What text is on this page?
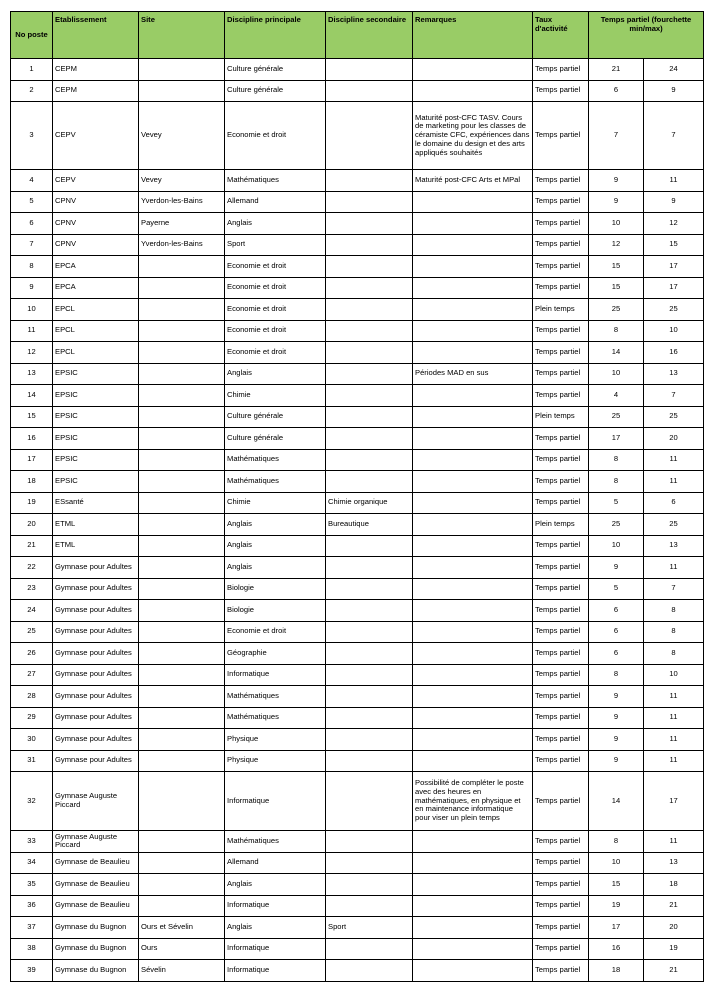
No poste	Etablissement	Site	Discipline principale	Discipline secondaire	Remarques	Taux d'activité	Temps partiel (fourchette min/max)	
1	CEPM		Culture générale			Temps partiel	21	24
2	CEPM		Culture générale			Temps partiel	6	9
3	CEPV	Vevey	Economie et droit		Maturité post-CFC TASV. Cours de marketing pour les classes de céramiste CFC, expériences dans le domaine du design et des arts appliqués souhaités	Temps partiel	7	7
4	CEPV	Vevey	Mathématiques		Maturité post-CFC Arts et MPal	Temps partiel	9	11
5	CPNV	Yverdon-les-Bains	Allemand			Temps partiel	9	9
6	CPNV	Payerne	Anglais			Temps partiel	10	12
7	CPNV	Yverdon-les-Bains	Sport			Temps partiel	12	15
8	EPCA		Economie et droit			Temps partiel	15	17
9	EPCA		Economie et droit			Temps partiel	15	17
10	EPCL		Economie et droit			Plein temps	25	25
11	EPCL		Economie et droit			Temps partiel	8	10
12	EPCL		Economie et droit			Temps partiel	14	16
13	EPSIC		Anglais		Périodes MAD en sus	Temps partiel	10	13
14	EPSIC		Chimie			Temps partiel	4	7
15	EPSIC		Culture générale			Plein temps	25	25
16	EPSIC		Culture générale			Temps partiel	17	20
17	EPSIC		Mathématiques			Temps partiel	8	11
18	EPSIC		Mathématiques			Temps partiel	8	11
19	ESsanté		Chimie	Chimie organique		Temps partiel	5	6
20	ETML		Anglais	Bureautique		Plein temps	25	25
21	ETML		Anglais			Temps partiel	10	13
22	Gymnase pour Adultes		Anglais			Temps partiel	9	11
23	Gymnase pour Adultes		Biologie			Temps partiel	5	7
24	Gymnase pour Adultes		Biologie			Temps partiel	6	8
25	Gymnase pour Adultes		Economie et droit			Temps partiel	6	8
26	Gymnase pour Adultes		Géographie			Temps partiel	6	8
27	Gymnase pour Adultes		Informatique			Temps partiel	8	10
28	Gymnase pour Adultes		Mathématiques			Temps partiel	9	11
29	Gymnase pour Adultes		Mathématiques			Temps partiel	9	11
30	Gymnase pour Adultes		Physique			Temps partiel	9	11
31	Gymnase pour Adultes		Physique			Temps partiel	9	11
32	Gymnase Auguste Piccard		Informatique		Possibilité de compléter le poste avec des heures en mathématiques, en physique et en maintenance informatique pour viser un plein temps	Temps partiel	14	17
33	Gymnase Auguste Piccard		Mathématiques			Temps partiel	8	11
34	Gymnase de Beaulieu		Allemand			Temps partiel	10	13
35	Gymnase de Beaulieu		Anglais			Temps partiel	15	18
36	Gymnase de Beaulieu		Informatique			Temps partiel	19	21
37	Gymnase du Bugnon	Ours et Sévelin	Anglais	Sport		Temps partiel	17	20
38	Gymnase du Bugnon	Ours	Informatique			Temps partiel	16	19
39	Gymnase du Bugnon	Sévelin	Informatique			Temps partiel	18	21
